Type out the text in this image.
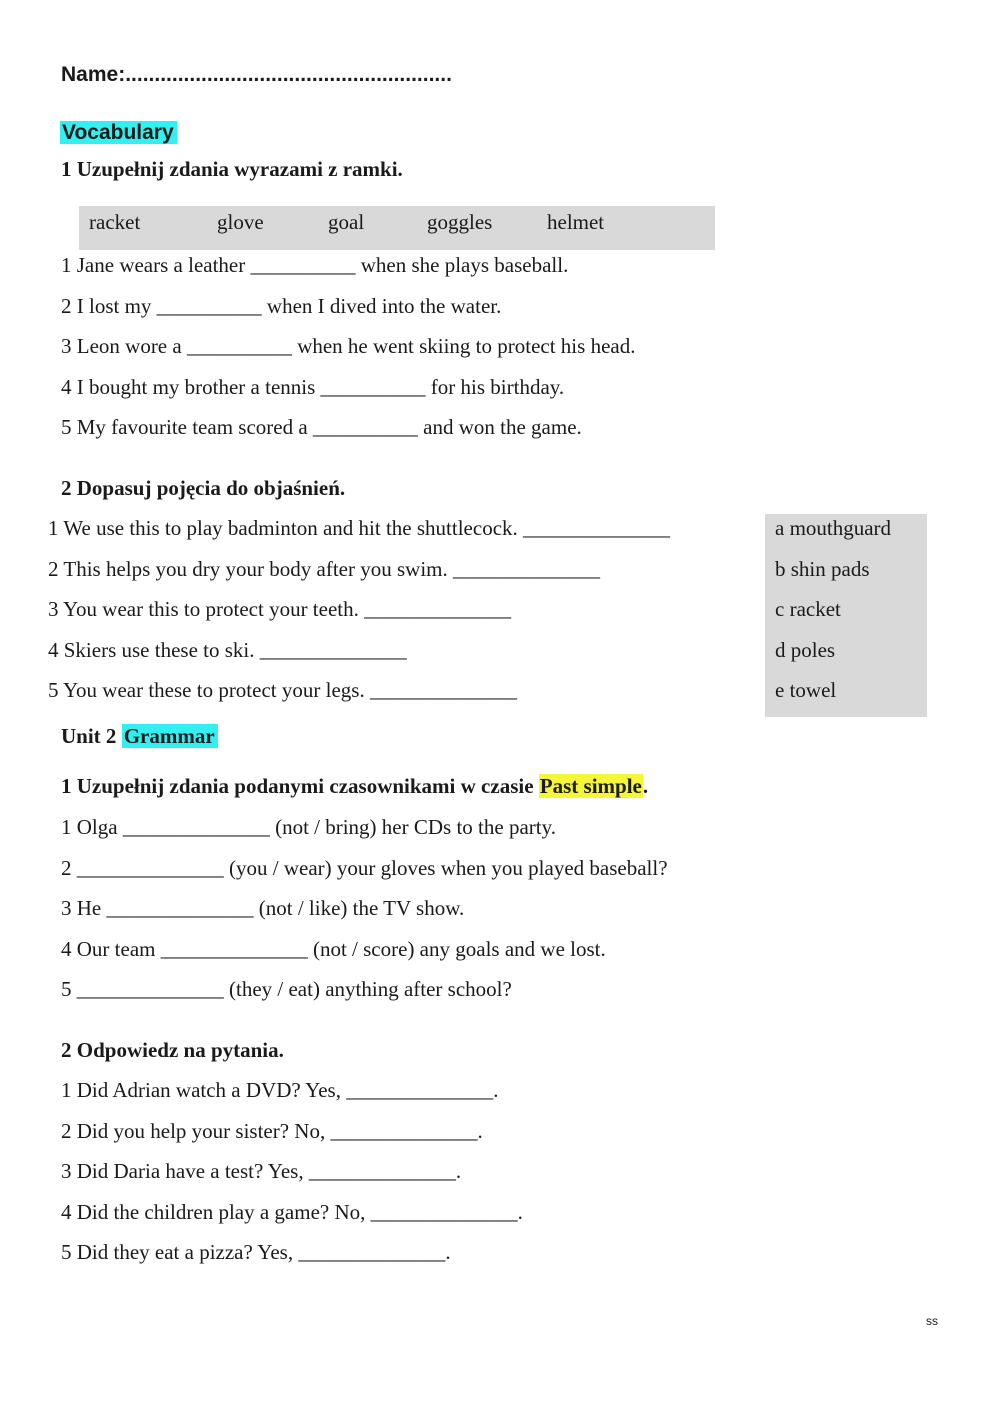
Name:........................................................
Vocabulary
1 Uzupełnij zdania wyrazami z ramki.
racket	glove	goal	goggles	helmet
1 Jane wears a leather __________ when she plays baseball.
2 I lost my __________ when I dived into the water.
3 Leon wore a __________ when he went skiing to protect his head.
4 I bought my brother a tennis __________ for his birthday.
5 My favourite team scored a __________ and won the game.
2 Dopasuj pojęcia do objaśnień.
1 We use this to play badminton and hit the shuttlecock. ______________
2 This helps you dry your body after you swim. ______________
3 You wear this to protect your teeth. ______________
4 Skiers use these to ski. ______________
5 You wear these to protect your legs. ______________
a mouthguard
b shin pads
c racket
d poles
e towel
Unit 2 Grammar
1 Uzupełnij zdania podanymi czasownikami w czasie Past simple.
1 Olga ______________ (not / bring) her CDs to the party.
2 ______________ (you / wear) your gloves when you played baseball?
3 He ______________ (not / like) the TV show.
4 Our team ______________ (not / score) any goals and we lost.
5 ______________ (they / eat) anything after school?
2 Odpowiedz na pytania.
1 Did Adrian watch a DVD? Yes, ______________.
2 Did you help your sister? No, ______________.
3 Did Daria have a test? Yes, ______________.
4 Did the children play a game? No, ______________.
5 Did they eat a pizza? Yes, ______________.
ss
